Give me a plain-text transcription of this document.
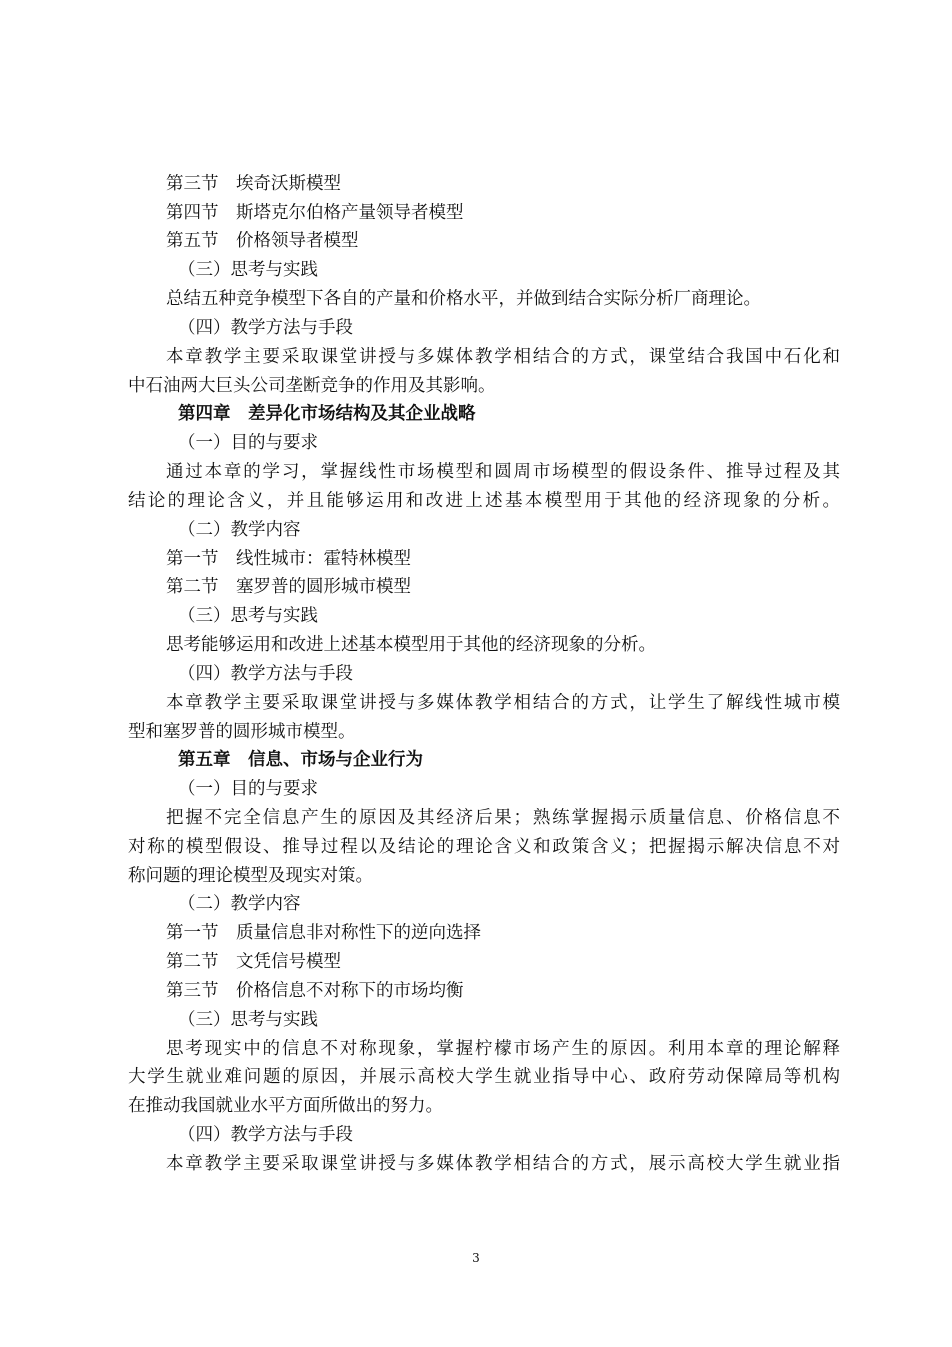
第三节　埃奇沃斯模型
第四节　斯塔克尔伯格产量领导者模型
第五节　价格领导者模型
（三）思考与实践
总结五种竞争模型下各自的产量和价格水平，并做到结合实际分析厂商理论。
（四）教学方法与手段
本章教学主要采取课堂讲授与多媒体教学相结合的方式，课堂结合我国中石化和
中石油两大巨头公司垄断竞争的作用及其影响。
第四章　差异化市场结构及其企业战略
（一）目的与要求
通过本章的学习，掌握线性市场模型和圆周市场模型的假设条件、推导过程及其
结论的理论含义，并且能够运用和改进上述基本模型用于其他的经济现象的分析。
（二）教学内容
第一节　线性城市：霍特林模型
第二节　塞罗普的圆形城市模型
（三）思考与实践
思考能够运用和改进上述基本模型用于其他的经济现象的分析。
（四）教学方法与手段
本章教学主要采取课堂讲授与多媒体教学相结合的方式，让学生了解线性城市模
型和塞罗普的圆形城市模型。
第五章　信息、市场与企业行为
（一）目的与要求
把握不完全信息产生的原因及其经济后果；熟练掌握揭示质量信息、价格信息不
对称的模型假设、推导过程以及结论的理论含义和政策含义；把握揭示解决信息不对
称问题的理论模型及现实对策。
（二）教学内容
第一节　质量信息非对称性下的逆向选择
第二节　文凭信号模型
第三节　价格信息不对称下的市场均衡
（三）思考与实践
思考现实中的信息不对称现象，掌握柠檬市场产生的原因。利用本章的理论解释
大学生就业难问题的原因，并展示高校大学生就业指导中心、政府劳动保障局等机构
在推动我国就业水平方面所做出的努力。
（四）教学方法与手段
本章教学主要采取课堂讲授与多媒体教学相结合的方式，展示高校大学生就业指
3
